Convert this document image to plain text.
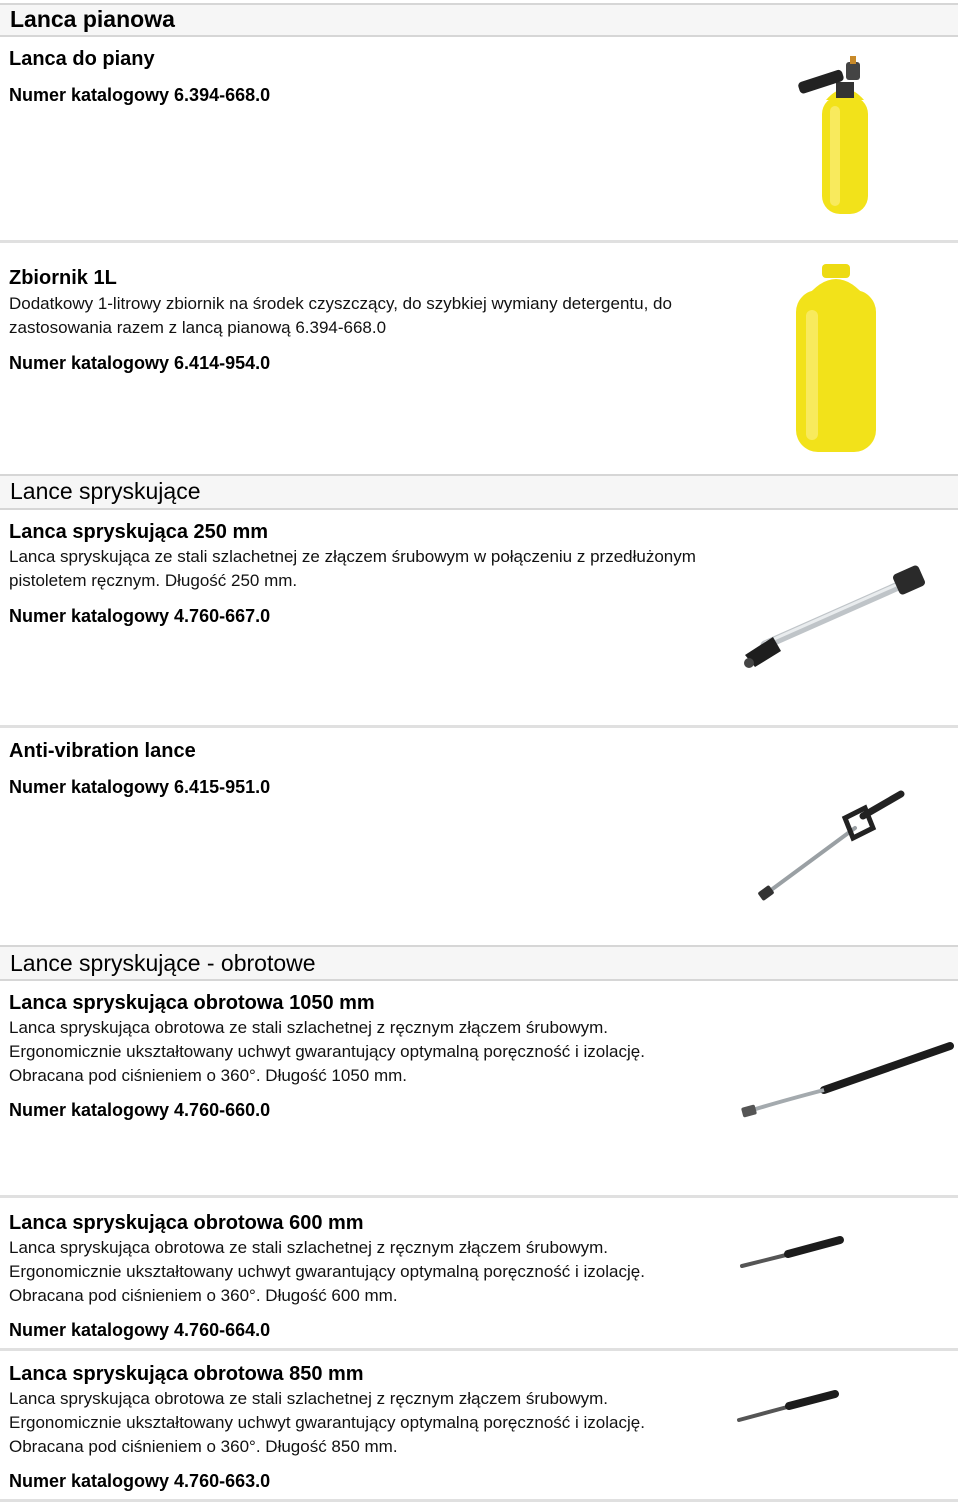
Lanca pianowa
Lanca do piany
Numer katalogowy 6.394-668.0
Zbiornik 1L
Dodatkowy 1-litrowy zbiornik na środek czyszczący, do szybkiej wymiany detergentu, do zastosowania razem z lancą pianową 6.394-668.0
Numer katalogowy 6.414-954.0
Lance spryskujące
Lanca spryskująca 250 mm
Lanca spryskująca ze stali szlachetnej ze złączem śrubowym w połączeniu z przedłużonym pistoletem ręcznym. Długość 250 mm.
Numer katalogowy 4.760-667.0
Anti-vibration lance
Numer katalogowy 6.415-951.0
Lance spryskujące - obrotowe
Lanca spryskująca obrotowa 1050 mm
Lanca spryskująca obrotowa ze stali szlachetnej z ręcznym złączem śrubowym. Ergonomicznie ukształtowany uchwyt gwarantujący optymalną poręczność i izolację. Obracana pod ciśnieniem o 360°. Długość 1050 mm.
Numer katalogowy 4.760-660.0
Lanca spryskująca obrotowa 600 mm
Lanca spryskująca obrotowa ze stali szlachetnej z ręcznym złączem śrubowym. Ergonomicznie ukształtowany uchwyt gwarantujący optymalną poręczność i izolację. Obracana pod ciśnieniem o 360°. Długość 600 mm.
Numer katalogowy 4.760-664.0
Lanca spryskująca obrotowa 850 mm
Lanca spryskująca obrotowa ze stali szlachetnej z ręcznym złączem śrubowym. Ergonomicznie ukształtowany uchwyt gwarantujący optymalną poręczność i izolację. Obracana pod ciśnieniem o 360°. Długość 850 mm.
Numer katalogowy 4.760-663.0
